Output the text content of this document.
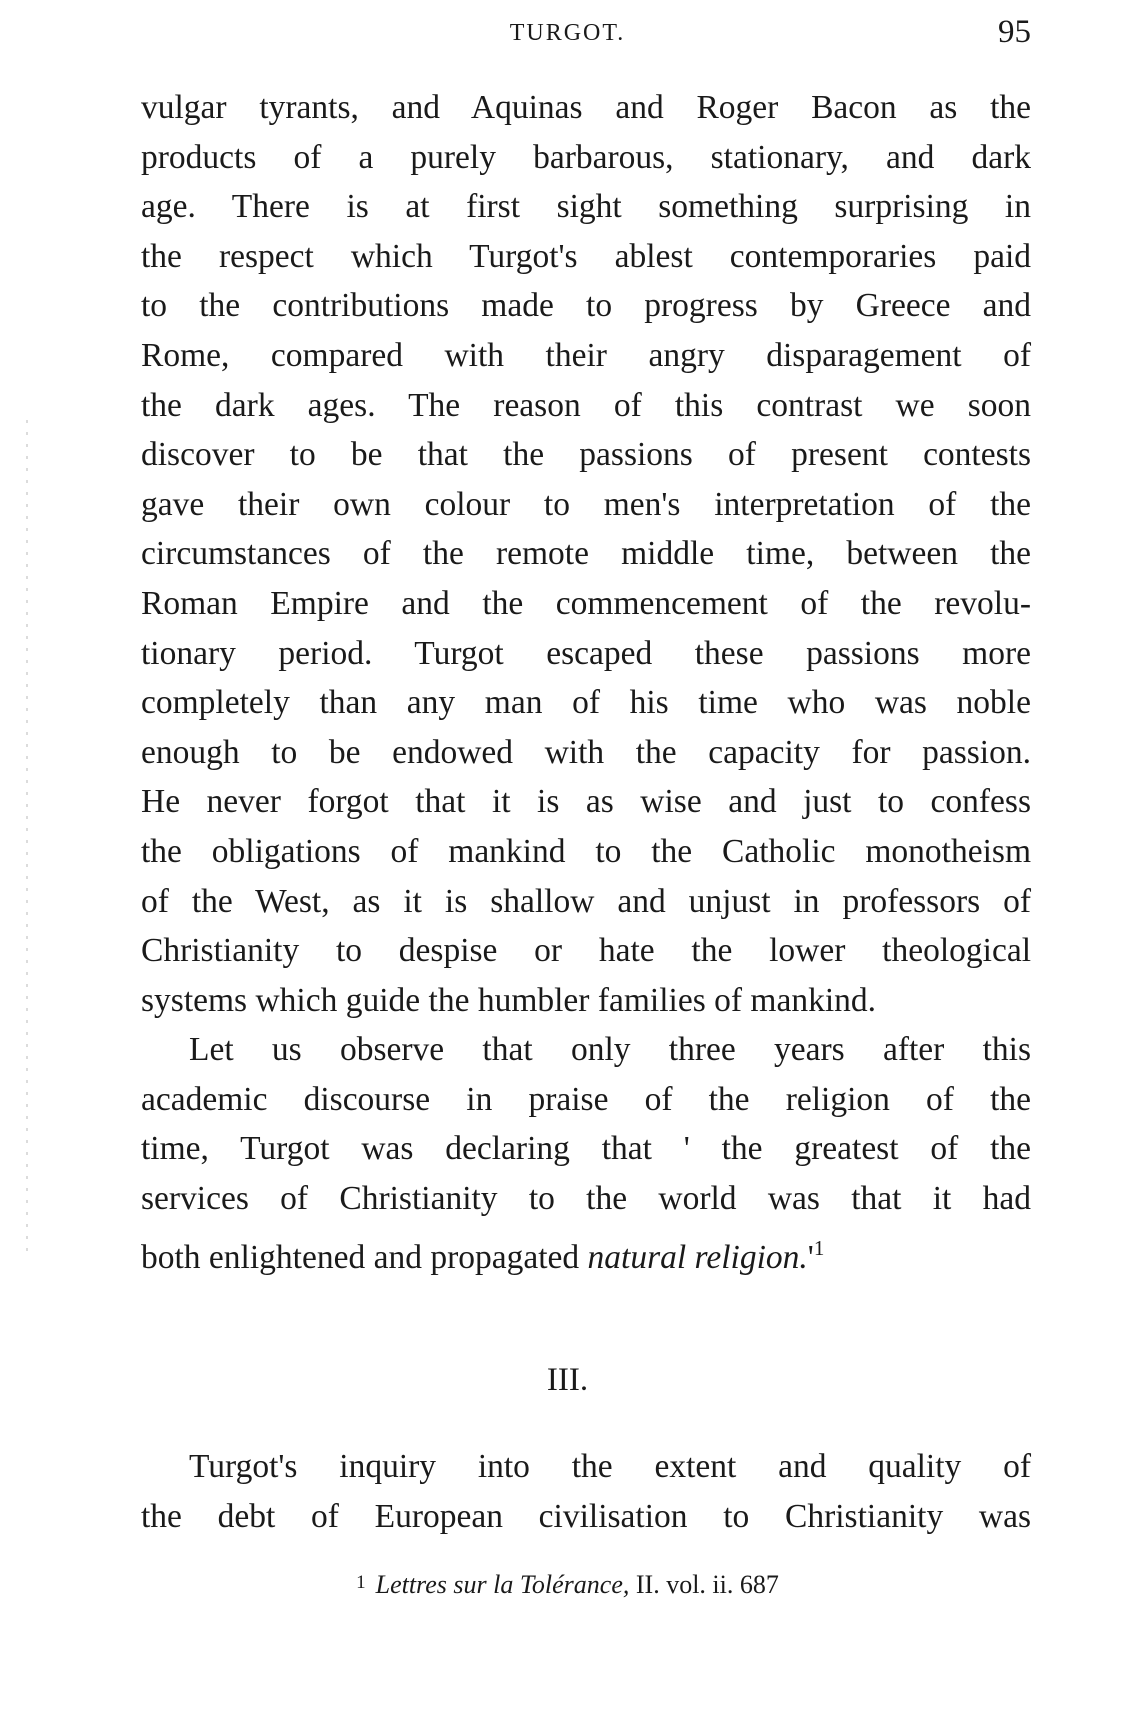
TURGOT.	95
vulgar tyrants, and Aquinas and Roger Bacon as the
products of a purely barbarous, stationary, and dark
age. There is at first sight something surprising in
the respect which Turgot's ablest contemporaries paid
to the contributions made to progress by Greece and
Rome, compared with their angry disparagement of
the dark ages. The reason of this contrast we soon
discover to be that the passions of present contests
gave their own colour to men's interpretation of the
circumstances of the remote middle time, between the
Roman Empire and the commencement of the revolu-
tionary period. Turgot escaped these passions more
completely than any man of his time who was noble
enough to be endowed with the capacity for passion.
He never forgot that it is as wise and just to confess
the obligations of mankind to the Catholic monotheism
of the West, as it is shallow and unjust in professors of
Christianity to despise or hate the lower theological
systems which guide the humbler families of mankind.
Let us observe that only three years after this
academic discourse in praise of the religion of the
time, Turgot was declaring that ' the greatest of the
services of Christianity to the world was that it had
both enlightened and propagated natural $religion.'^1$
III.
Turgot's inquiry into the extent and quality of
the debt of European civilisation to Christianity was
1 Lettres sur la Tolérance, II. vol. ii. 687
